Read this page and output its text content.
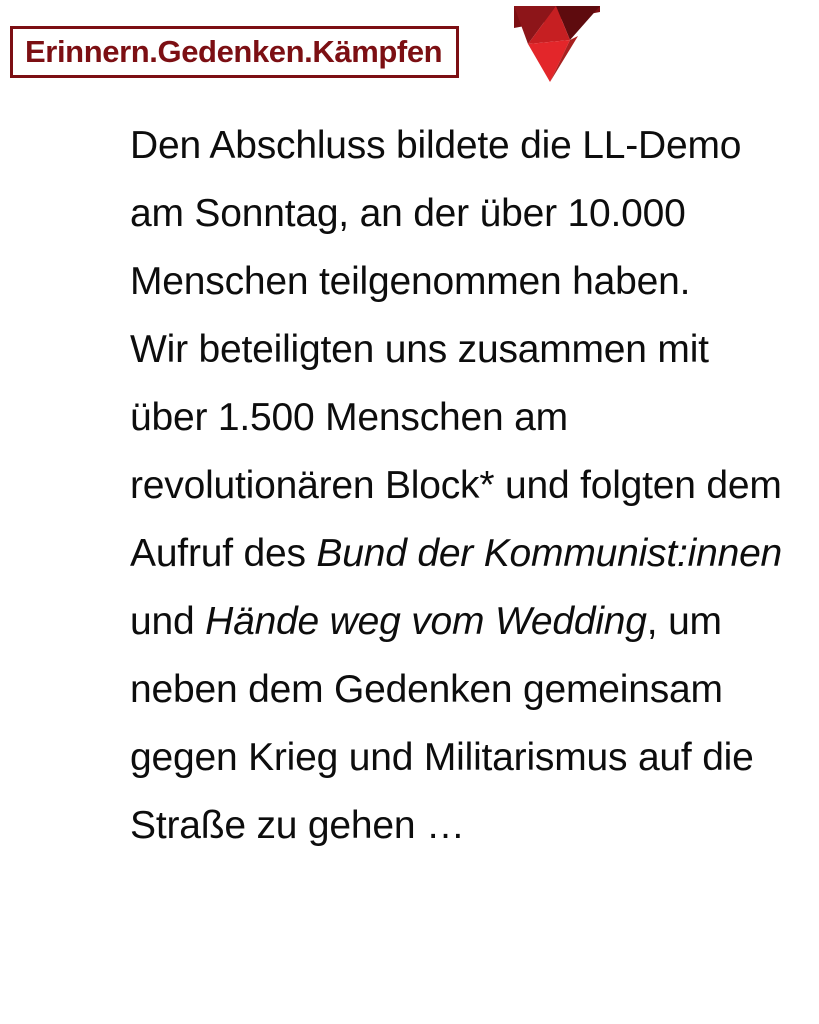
Erinnern.Gedenken.Kämpfen

Den Abschluss bildete die LL-Demo am Sonntag, an der über 10.000 Menschen teilgenommen haben.

Wir beteiligten uns zusammen mit über 1.500 Menschen am revolutionären Block* und folgten dem Aufruf des Bund der Kommunist:innen und Hände weg vom Wedding, um neben dem Gedenken gemeinsam gegen Krieg und Militarismus auf die Straße zu gehen …
